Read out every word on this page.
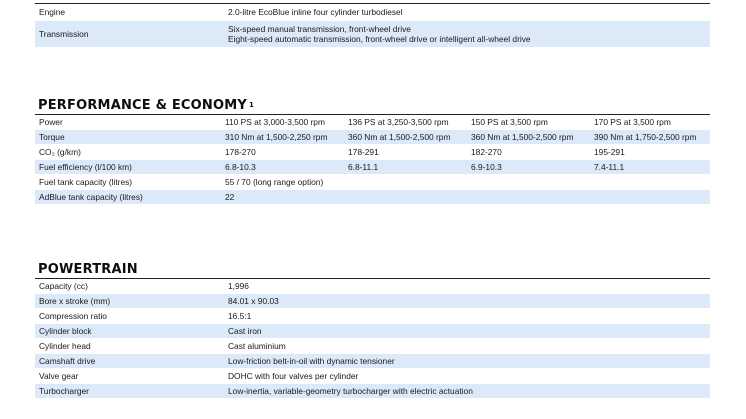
Engine	2.0-litre EcoBlue inline four cylinder turbodiesel
Transmission	Six-speed manual transmission, front-wheel drive
Eight-speed automatic transmission, front-wheel drive or intelligent all-wheel drive
PERFORMANCE & ECONOMY $^1$
Power	110 PS at 3,000-3,500 rpm	136 PS at 3,250-3,500 rpm	150 PS at 3,500 rpm	170 PS at 3,500 rpm
Torque	310 Nm at 1,500-2,250 rpm	360 Nm at 1,500-2,500 rpm	360 Nm at 1,500-2,500 rpm	390 Nm at 1,750-2,500 rpm
CO₂ (g/km)	178-270	178-291	182-270	195-291
Fuel efficiency (l/100 km)	6.8-10.3	6.8-11.1	6.9-10.3	7.4-11.1
Fuel tank capacity (litres)	55 / 70 (long range option)			
AdBlue tank capacity (litres)	22			
POWERTRAIN
Capacity (cc)	1,996
Bore x stroke (mm)	84.01 x 90.03
Compression ratio	16.5:1
Cylinder block	Cast iron
Cylinder head	Cast aluminium
Camshaft drive	Low-friction belt-in-oil with dynamic tensioner
Valve gear	DOHC with four valves per cylinder
Turbocharger	Low-inertia, variable-geometry turbocharger with electric actuation
